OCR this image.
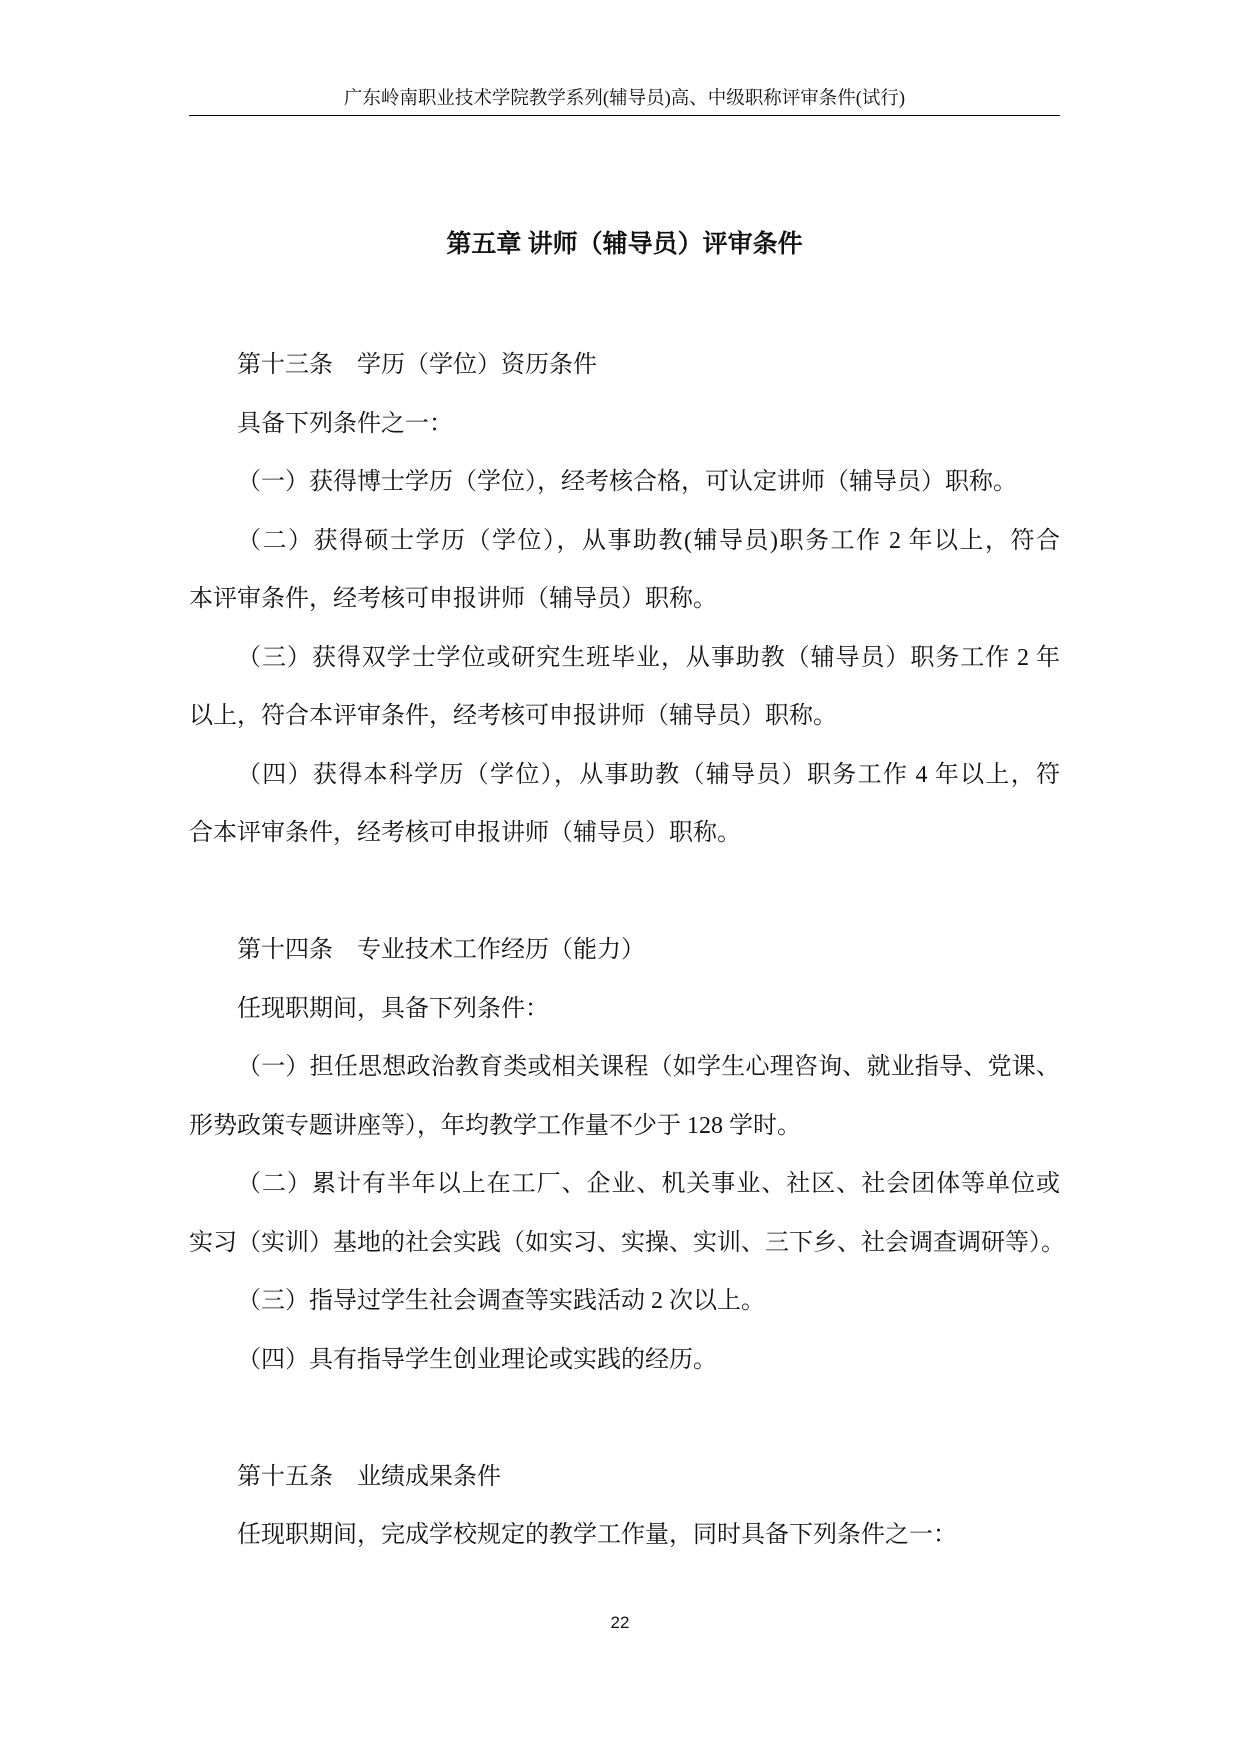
广东岭南职业技术学院教学系列(辅导员)高、中级职称评审条件(试行)
第五章 讲师（辅导员）评审条件
第十三条　学历（学位）资历条件
具备下列条件之一：
（一）获得博士学历（学位），经考核合格，可认定讲师（辅导员）职称。
（二）获得硕士学历（学位），从事助教(辅导员)职务工作 2 年以上，符合
本评审条件，经考核可申报讲师（辅导员）职称。
（三）获得双学士学位或研究生班毕业，从事助教（辅导员）职务工作 2 年
以上，符合本评审条件，经考核可申报讲师（辅导员）职称。
（四）获得本科学历（学位），从事助教（辅导员）职务工作 4 年以上，符
合本评审条件，经考核可申报讲师（辅导员）职称。
第十四条　专业技术工作经历（能力）
任现职期间，具备下列条件：
（一）担任思想政治教育类或相关课程（如学生心理咨询、就业指导、党课、
形势政策专题讲座等），年均教学工作量不少于 128 学时。
（二）累计有半年以上在工厂、企业、机关事业、社区、社会团体等单位或
实习（实训）基地的社会实践（如实习、实操、实训、三下乡、社会调查调研等）。
（三）指导过学生社会调查等实践活动 2 次以上。
（四）具有指导学生创业理论或实践的经历。
第十五条　业绩成果条件
任现职期间，完成学校规定的教学工作量，同时具备下列条件之一：
22
